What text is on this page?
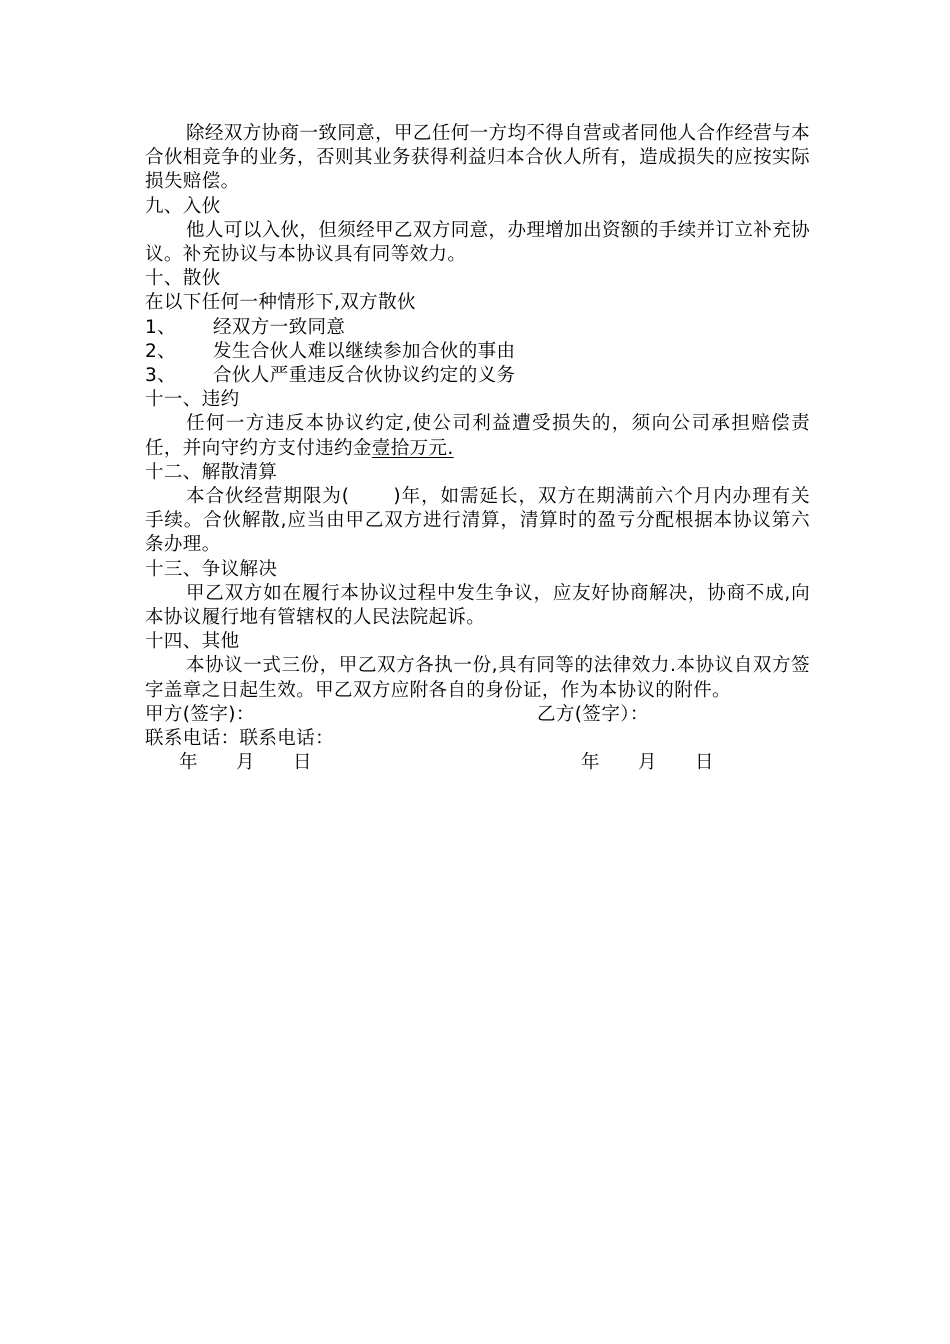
除经双方协商一致同意，甲乙任何一方均不得自营或者同他人合作经营与本合伙相竞争的业务，否则其业务获得利益归本合伙人所有，造成损失的应按实际损失赔偿。

九、入伙

他人可以入伙，但须经甲乙双方同意，办理增加出资额的手续并订立补充协议。补充协议与本协议具有同等效力。

十、散伙

在以下任何一种情形下,双方散伙

1、	经双方一致同意

2、	发生合伙人难以继续参加合伙的事由

3、	合伙人严重违反合伙协议约定的义务

十一、违约

任何一方违反本协议约定,使公司利益遭受损失的，须向公司承担赔偿责任，并向守约方支付违约金壹拾万元.

十二、解散清算

本合伙经营期限为( )年，如需延长，双方在期满前六个月内办理有关手续。合伙解散,应当由甲乙双方进行清算，清算时的盈亏分配根据本协议第六条办理。

十三、争议解决

甲乙双方如在履行本协议过程中发生争议，应友好协商解决，协商不成,向本协议履行地有管辖权的人民法院起诉。

十四、其他

本协议一式三份，甲乙双方各执一份,具有同等的法律效力.本协议自双方签字盖章之日起生效。甲乙双方应附各自的身份证，作为本协议的附件。

甲方(签字)：	乙方(签字）：
联系电话：联系电话：
年	月	日	年	月	日
